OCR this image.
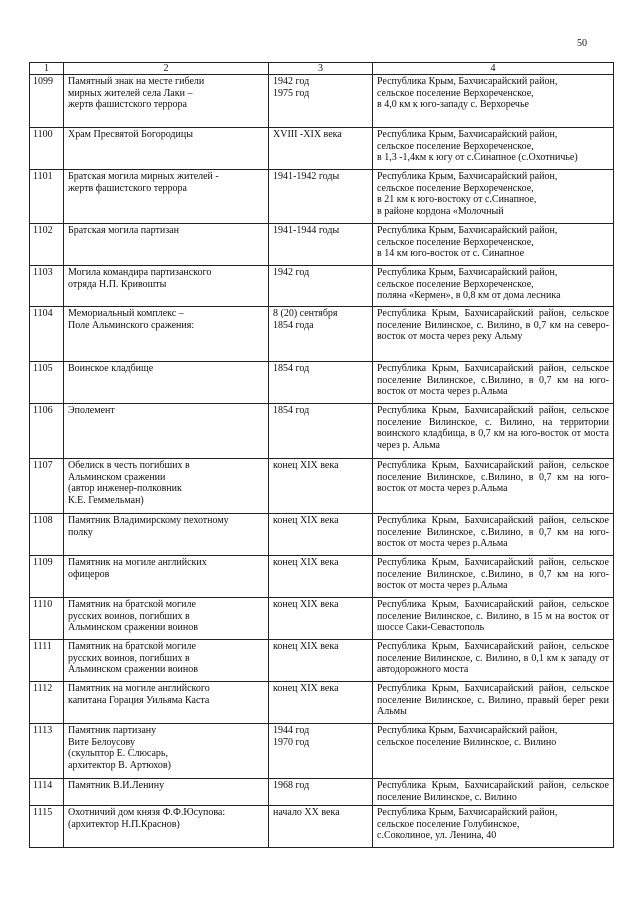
50
1	2	3	4
1099	Памятный знак на месте гибели
мирных жителей села Лаки –
жертв фашистского террора	1942 год
1975 год	Республика Крым, Бахчисарайский район,
сельское поселение Верхореченское,
в 4,0 км к юго-западу с. Верхоречье
1100	Храм Пресвятой Богородицы	XVIII -XIX века	Республика Крым, Бахчисарайский район,
сельское поселение Верхореченское,
в 1,3 -1,4км к югу от с.Синапное (с.Охотничье)
1101	Братская могила мирных жителей -
жертв фашистского террора	1941-1942 годы	Республика Крым, Бахчисарайский район,
сельское поселение Верхореченское,
в 21 км к юго-востоку от с.Синапное,
в районе кордона «Молочный
1102	Братская могила партизан	1941-1944 годы	Республика Крым, Бахчисарайский район,
сельское поселение Верхореченское,
в 14 км юго-восток от с. Синапное
1103	Могила командира партизанского
отряда Н.П. Кривошты	1942 год	Республика Крым, Бахчисарайский район,
сельское поселение Верхореченское,
поляна «Кермен», в 0,8 км от дома лесника
1104	Мемориальный комплекс –
Поле Альминского сражения:	8 (20) сентября
1854 года	Республика Крым, Бахчисарайский район, сельское поселение Вилинское, с. Вилино, в 0,7 км на северо-восток от моста через реку Альму
1105	Воинское кладбище	1854 год	Республика Крым, Бахчисарайский район, сельское поселение Вилинское, с.Вилино, в 0,7 км на юго-восток от моста через р.Альма
1106	Эполемент	1854 год	Республика Крым, Бахчисарайский район, сельское поселение Вилинское, с. Вилино, на территории воинского кладбища, в 0,7 км на юго-восток от моста через р. Альма
1107	Обелиск в честь погибших в
Альминском сражении
(автор инженер-полковник
К.Е. Геммельман)	конец XIX века	Республика Крым, Бахчисарайский район, сельское поселение Вилинское, с.Вилино, в 0,7 км на юго-восток от моста через р.Альма
1108	Памятник Владимирскому пехотному
полку	конец XIX века	Республика Крым, Бахчисарайский район, сельское поселение Вилинское, с.Вилино, в 0,7 км на юго-восток от моста через р.Альма
1109	Памятник на могиле английских
офицеров	конец XIX века	Республика Крым, Бахчисарайский район, сельское поселение Вилинское, с.Вилино, в 0,7 км на юго-восток от моста через р.Альма
1110	Памятник на братской могиле
русских воинов, погибших в
Альминском сражении воинов	конец XIX века	Республика Крым, Бахчисарайский район, сельское поселение Вилинское, с. Вилино, в 15 м на восток от шоссе Саки-Севастополь
1111	Памятник на братской могиле
русских воинов, погибших в
Альминском сражении воинов	конец XIX века	Республика Крым, Бахчисарайский район, сельское поселение Вилинское, с. Вилино, в 0,1 км к западу от автодорожного моста
1112	Памятник на могиле английского
капитана Горация Уильяма Каста	конец XIX века	Республика Крым, Бахчисарайский район, сельское поселение Вилинское, с. Вилино, правый берег реки Альмы
1113	Памятник партизану
Вите Белоусову
(скульптор Е. Слюсарь,
архитектор В. Артюхов)	1944 год
1970 год	Республика Крым, Бахчисарайский район,
сельское поселение Вилинское, с. Вилино
1114	Памятник В.И.Ленину	1968 год	Республика Крым, Бахчисарайский район, сельское поселение Вилинское, с. Вилино
1115	Охотничий дом князя Ф.Ф.Юсупова:
(архитектор Н.П.Краснов)	начало XX века	Республика Крым, Бахчисарайский район,
сельское поселение Голубинское,
с.Соколиное, ул. Ленина, 40
